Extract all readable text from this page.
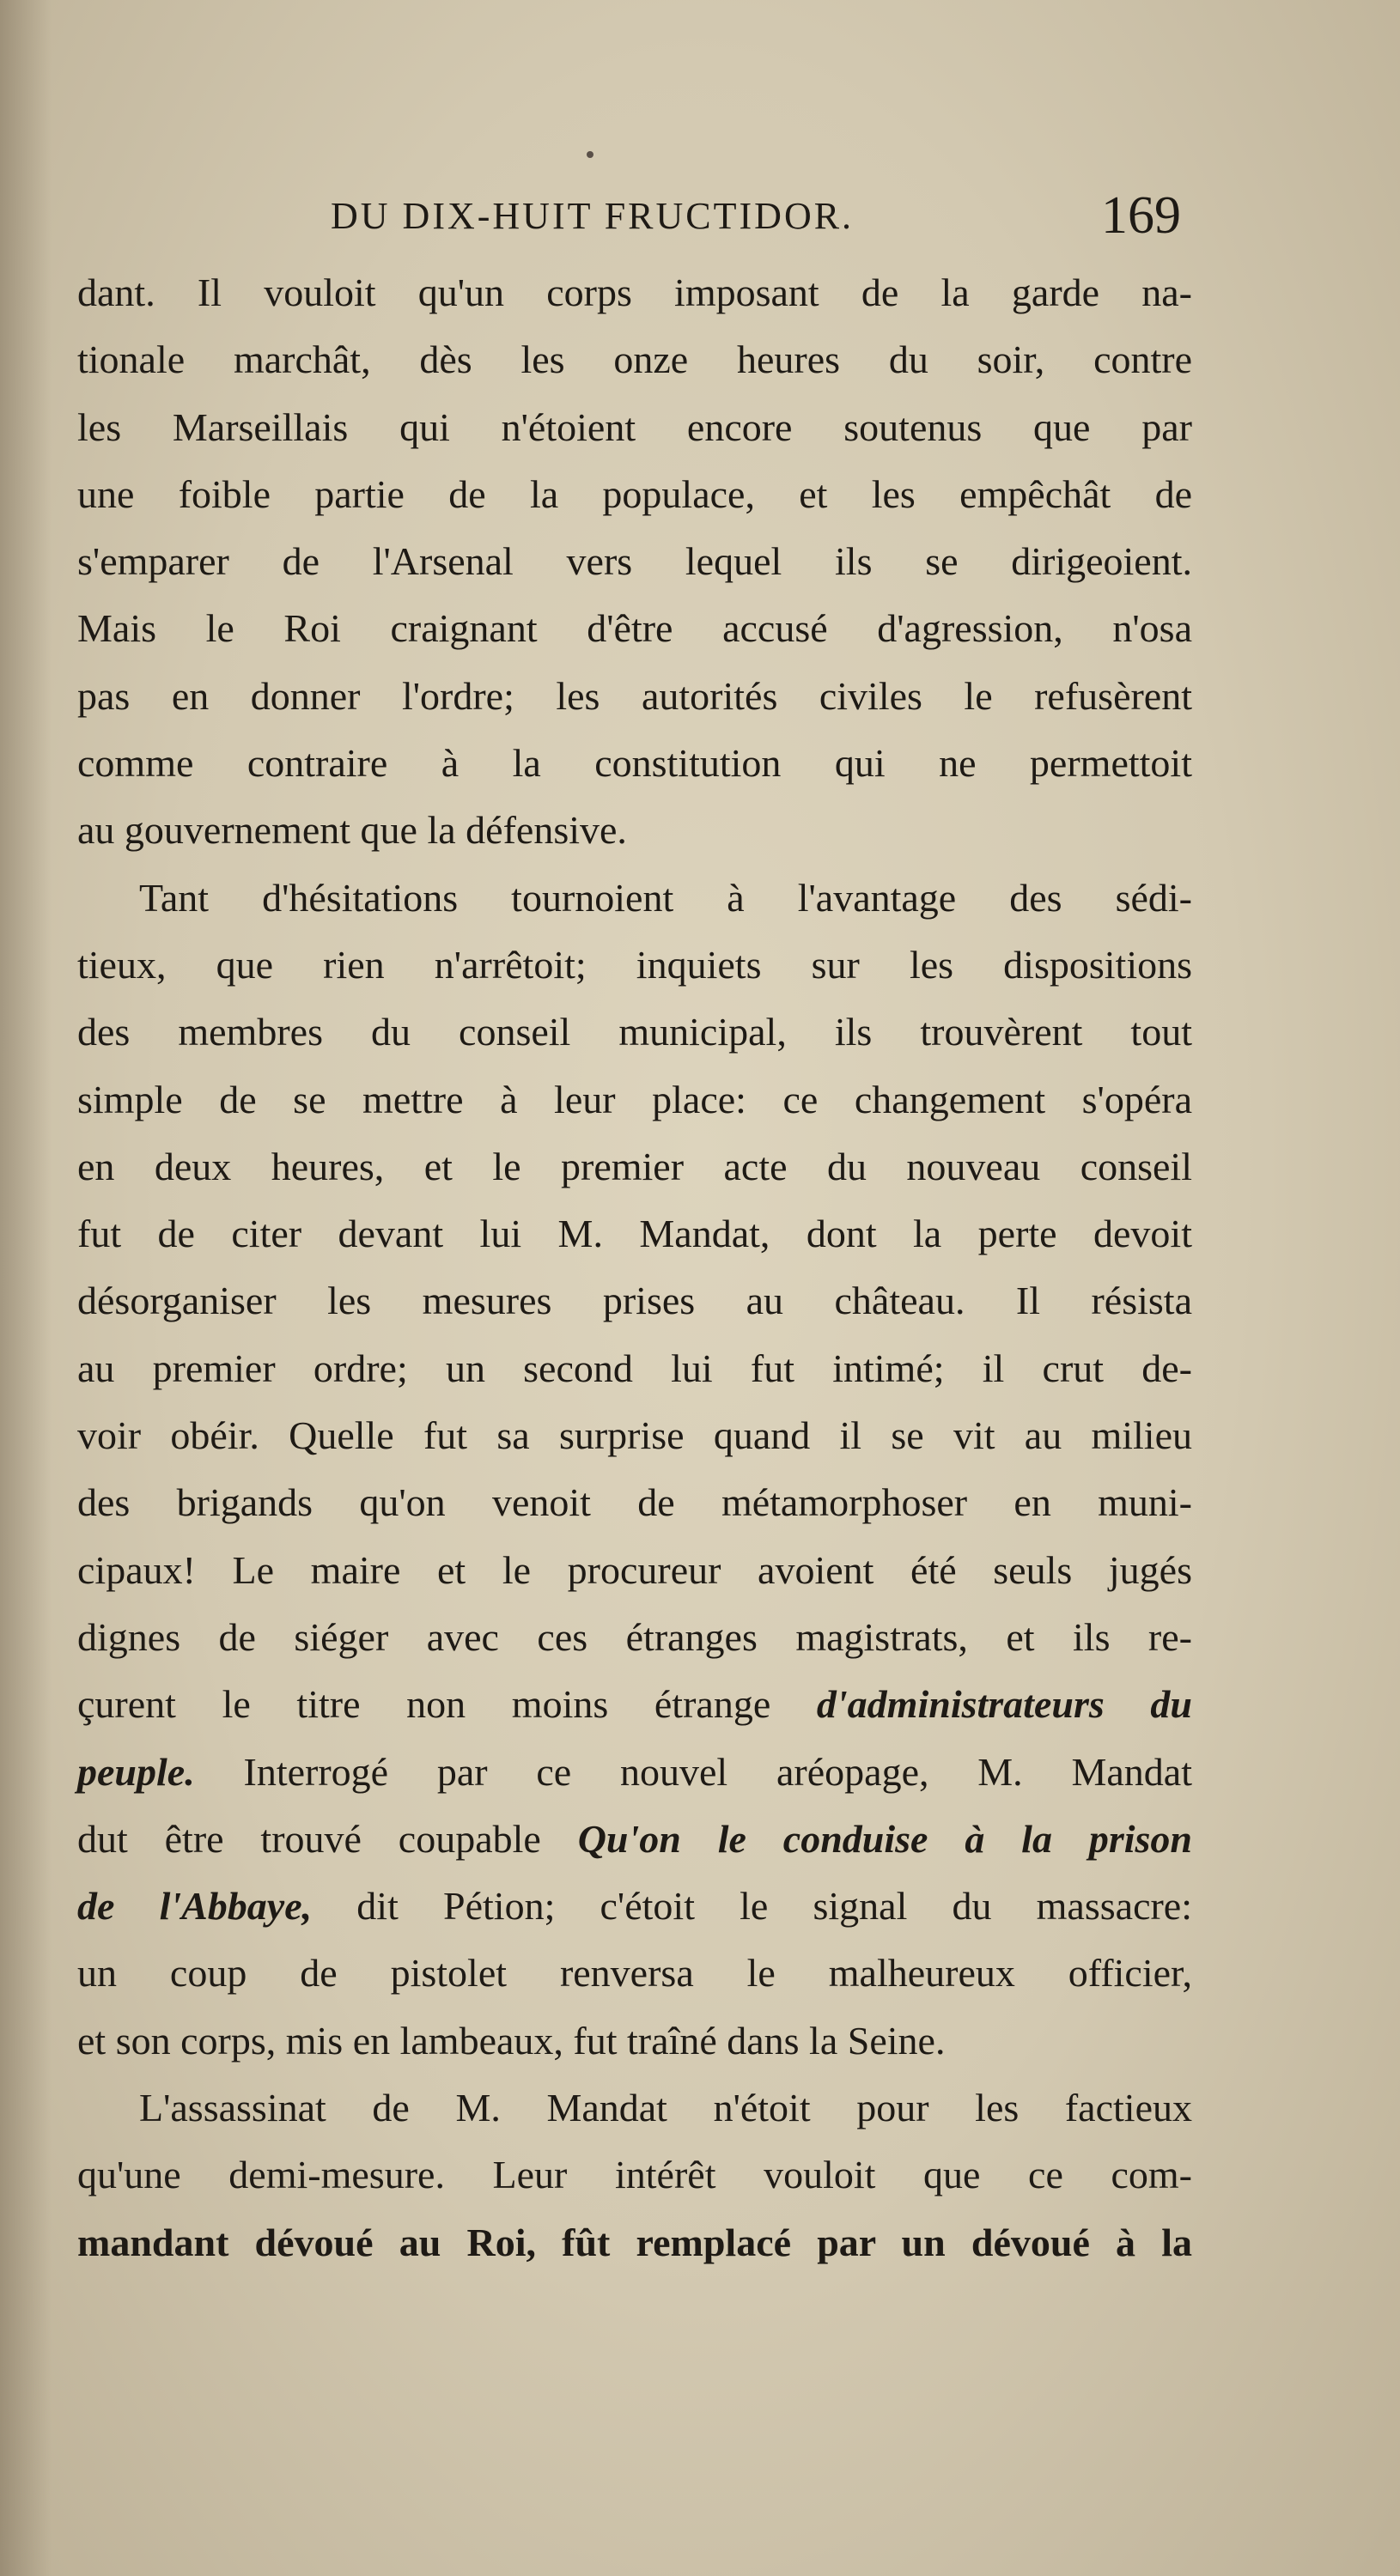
DU DIX-HUIT FRUCTIDOR.	169
dant. Il vouloit qu'un corps imposant de la garde na-
tionale marchât, dès les onze heures du soir, contre
les Marseillais qui n'étoient encore soutenus que par
une foible partie de la populace, et les empêchât de
s'emparer de l'Arsenal vers lequel ils se dirigeoient.
Mais le Roi craignant d'être accusé d'agression, n'osa
pas en donner l'ordre; les autorités civiles le refusèrent
comme contraire à la constitution qui ne permettoit
au gouvernement que la défensive.
Tant d'hésitations tournoient à l'avantage des sédi-
tieux, que rien n'arrêtoit; inquiets sur les dispositions
des membres du conseil municipal, ils trouvèrent tout
simple de se mettre à leur place: ce changement s'opéra
en deux heures, et le premier acte du nouveau conseil
fut de citer devant lui M. Mandat, dont la perte devoit
désorganiser les mesures prises au château. Il résista
au premier ordre; un second lui fut intimé; il crut de-
voir obéir. Quelle fut sa surprise quand il se vit au milieu
des brigands qu'on venoit de métamorphoser en muni-
cipaux! Le maire et le procureur avoient été seuls jugés
dignes de siéger avec ces étranges magistrats, et ils re-
çurent le titre non moins étrange d'administrateurs du
peuple. Interrogé par ce nouvel aréopage, M. Mandat
dut être trouvé coupable Qu'on le conduise à la prison
de l'Abbaye, dit Pétion; c'étoit le signal du massacre:
un coup de pistolet renversa le malheureux officier,
et son corps, mis en lambeaux, fut traîné dans la Seine.
L'assassinat de M. Mandat n'étoit pour les factieux
qu'une demi-mesure. Leur intérêt vouloit que ce com-
mandant dévoué au Roi, fût remplacé par un dévoué à la
